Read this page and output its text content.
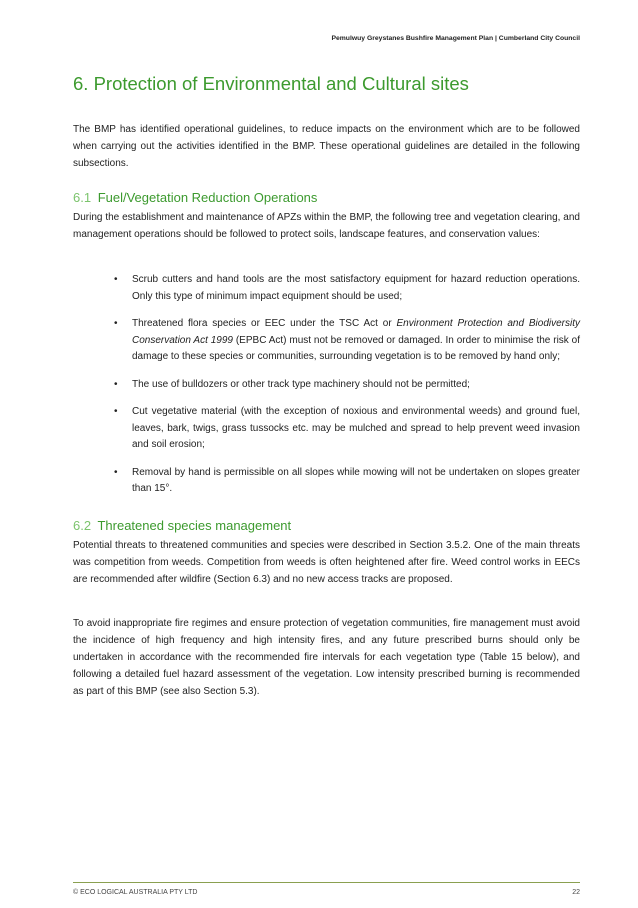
Pemulwuy Greystanes Bushfire Management Plan | Cumberland City Council
6. Protection of Environmental and Cultural sites

The BMP has identified operational guidelines, to reduce impacts on the environment which are to be followed when carrying out the activities identified in the BMP. These operational guidelines are detailed in the following subsections.

6.1 Fuel/Vegetation Reduction Operations

During the establishment and maintenance of APZs within the BMP, the following tree and vegetation clearing, and management operations should be followed to protect soils, landscape features, and conservation values:

• Scrub cutters and hand tools are the most satisfactory equipment for hazard reduction operations. Only this type of minimum impact equipment should be used;
• Threatened flora species or EEC under the TSC Act or Environment Protection and Biodiversity Conservation Act 1999 (EPBC Act) must not be removed or damaged. In order to minimise the risk of damage to these species or communities, surrounding vegetation is to be removed by hand only;
• The use of bulldozers or other track type machinery should not be permitted;
• Cut vegetative material (with the exception of noxious and environmental weeds) and ground fuel, leaves, bark, twigs, grass tussocks etc. may be mulched and spread to help prevent weed invasion and soil erosion;
• Removal by hand is permissible on all slopes while mowing will not be undertaken on slopes greater than 15°.
6.2 Threatened species management

Potential threats to threatened communities and species were described in Section 3.5.2. One of the main threats was competition from weeds. Competition from weeds is often heightened after fire. Weed control works in EECs are recommended after wildfire (Section 6.3) and no new access tracks are proposed.

To avoid inappropriate fire regimes and ensure protection of vegetation communities, fire management must avoid the incidence of high frequency and high intensity fires, and any future prescribed burns should only be undertaken in accordance with the recommended fire intervals for each vegetation type (Table 15 below), and following a detailed fuel hazard assessment of the vegetation. Low intensity prescribed burning is recommended as part of this BMP (see also Section 5.3).

© ECO LOGICAL AUSTRALIA PTY LTD	22
